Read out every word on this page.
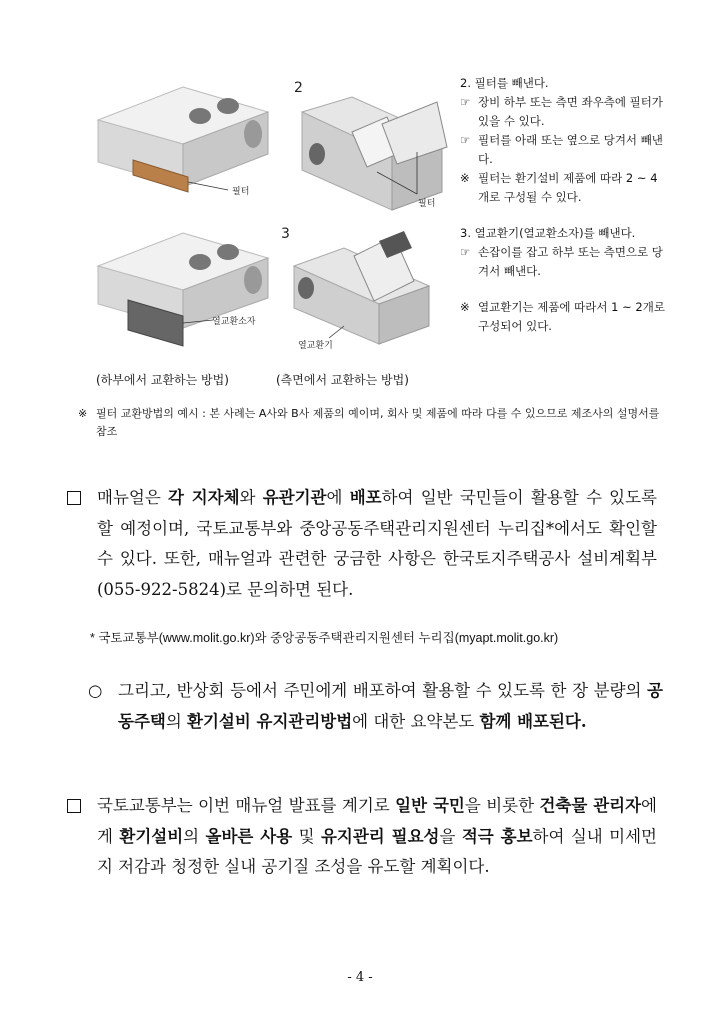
필터
열교환소자
2
필터
3
열교환기
2. 필터를 빼낸다.
☞ 장비 하부 또는 측면 좌우측에 필터가 있을 수 있다.
☞ 필터를 아래 또는 옆으로 당겨서 빼낸다.
※ 필터는 환기설비 제품에 따라 2 ~ 4개로 구성될 수 있다.
3. 열교환기(열교환소자)를 빼낸다.
☞ 손잡이를 잡고 하부 또는 측면으로 당겨서 빼낸다.
※ 열교환기는 제품에 따라서 1 ~ 2개로 구성되어 있다.
(하부에서 교환하는 방법)	(측면에서 교환하는 방법)
※ 필터 교환방법의 예시 : 본 사례는 A사와 B사 제품의 예이며, 회사 및 제품에 따라 다를 수 있으므로 제조사의 설명서를 참조
매뉴얼은 각 지자체와 유관기관에 배포하여 일반 국민들이 활용할 수 있도록 할 예정이며, 국토교통부와 중앙공동주택관리지원센터 누리집*에서도 확인할 수 있다. 또한, 매뉴얼과 관련한 궁금한 사항은 한국토지주택공사 설비계획부(055-922-5824)로 문의하면 된다.
* 국토교통부(www.molit.go.kr)와 중앙공동주택관리지원센터 누리집(myapt.molit.go.kr)
○ 그리고, 반상회 등에서 주민에게 배포하여 활용할 수 있도록 한 장 분량의 공동주택의 환기설비 유지관리방법에 대한 요약본도 함께 배포된다.
국토교통부는 이번 매뉴얼 발표를 계기로 일반 국민을 비롯한 건축물 관리자에게 환기설비의 올바른 사용 및 유지관리 필요성을 적극 홍보하여 실내 미세먼지 저감과 청정한 실내 공기질 조성을 유도할 계획이다.
- 4 -
